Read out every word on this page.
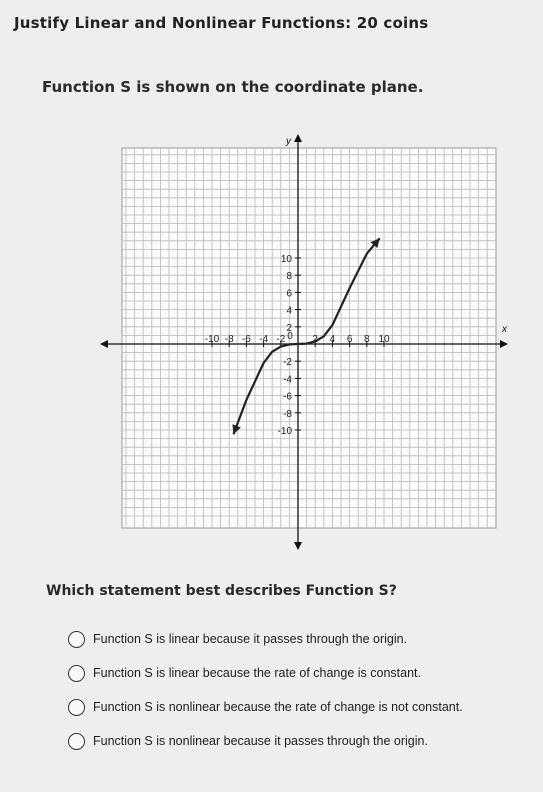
Justify Linear and Nonlinear Functions: 20 coins
Function S is shown on the coordinate plane.
x
y
-10 -8 -6 -4 -2 0 2 4 6 8 10
10
8
6
4
2
-2
-4
-6
-8
-10
Which statement best describes Function S?
Function S is linear because it passes through the origin.
Function S is linear because the rate of change is constant.
Function S is nonlinear because the rate of change is not constant.
Function S is nonlinear because it passes through the origin.
